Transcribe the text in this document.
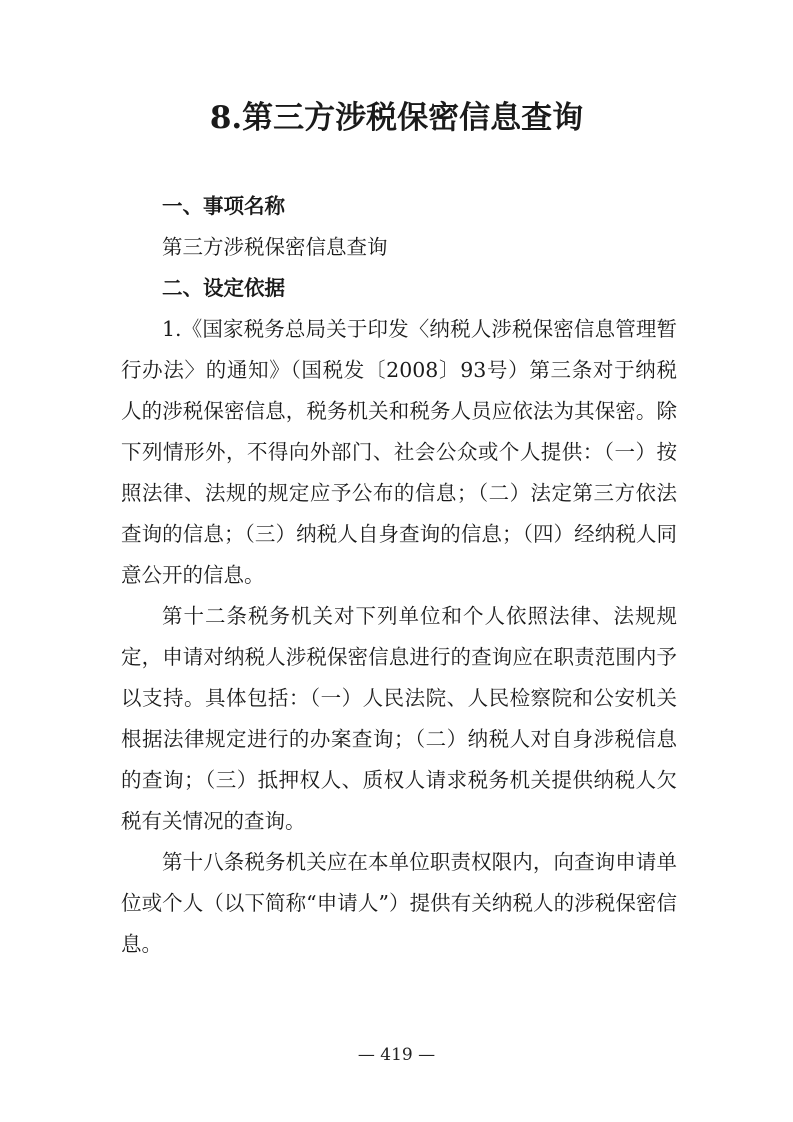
8.第三方涉税保密信息查询

一、事项名称

第三方涉税保密信息查询

二、设定依据

1.《国家税务总局关于印发〈纳税人涉税保密信息管理暂行办法〉的通知》（国税发〔2008〕93号）第三条对于纳税人的涉税保密信息，税务机关和税务人员应依法为其保密。除下列情形外，不得向外部门、社会公众或个人提供：（一）按照法律、法规的规定应予公布的信息；（二）法定第三方依法查询的信息；（三）纳税人自身查询的信息；（四）经纳税人同意公开的信息。

第十二条税务机关对下列单位和个人依照法律、法规规定，申请对纳税人涉税保密信息进行的查询应在职责范围内予以支持。具体包括：（一）人民法院、人民检察院和公安机关根据法律规定进行的办案查询；（二）纳税人对自身涉税信息的查询；（三）抵押权人、质权人请求税务机关提供纳税人欠税有关情况的查询。

第十八条税务机关应在本单位职责权限内，向查询申请单位或个人（以下简称“申请人”）提供有关纳税人的涉税保密信息。

— 419 —
